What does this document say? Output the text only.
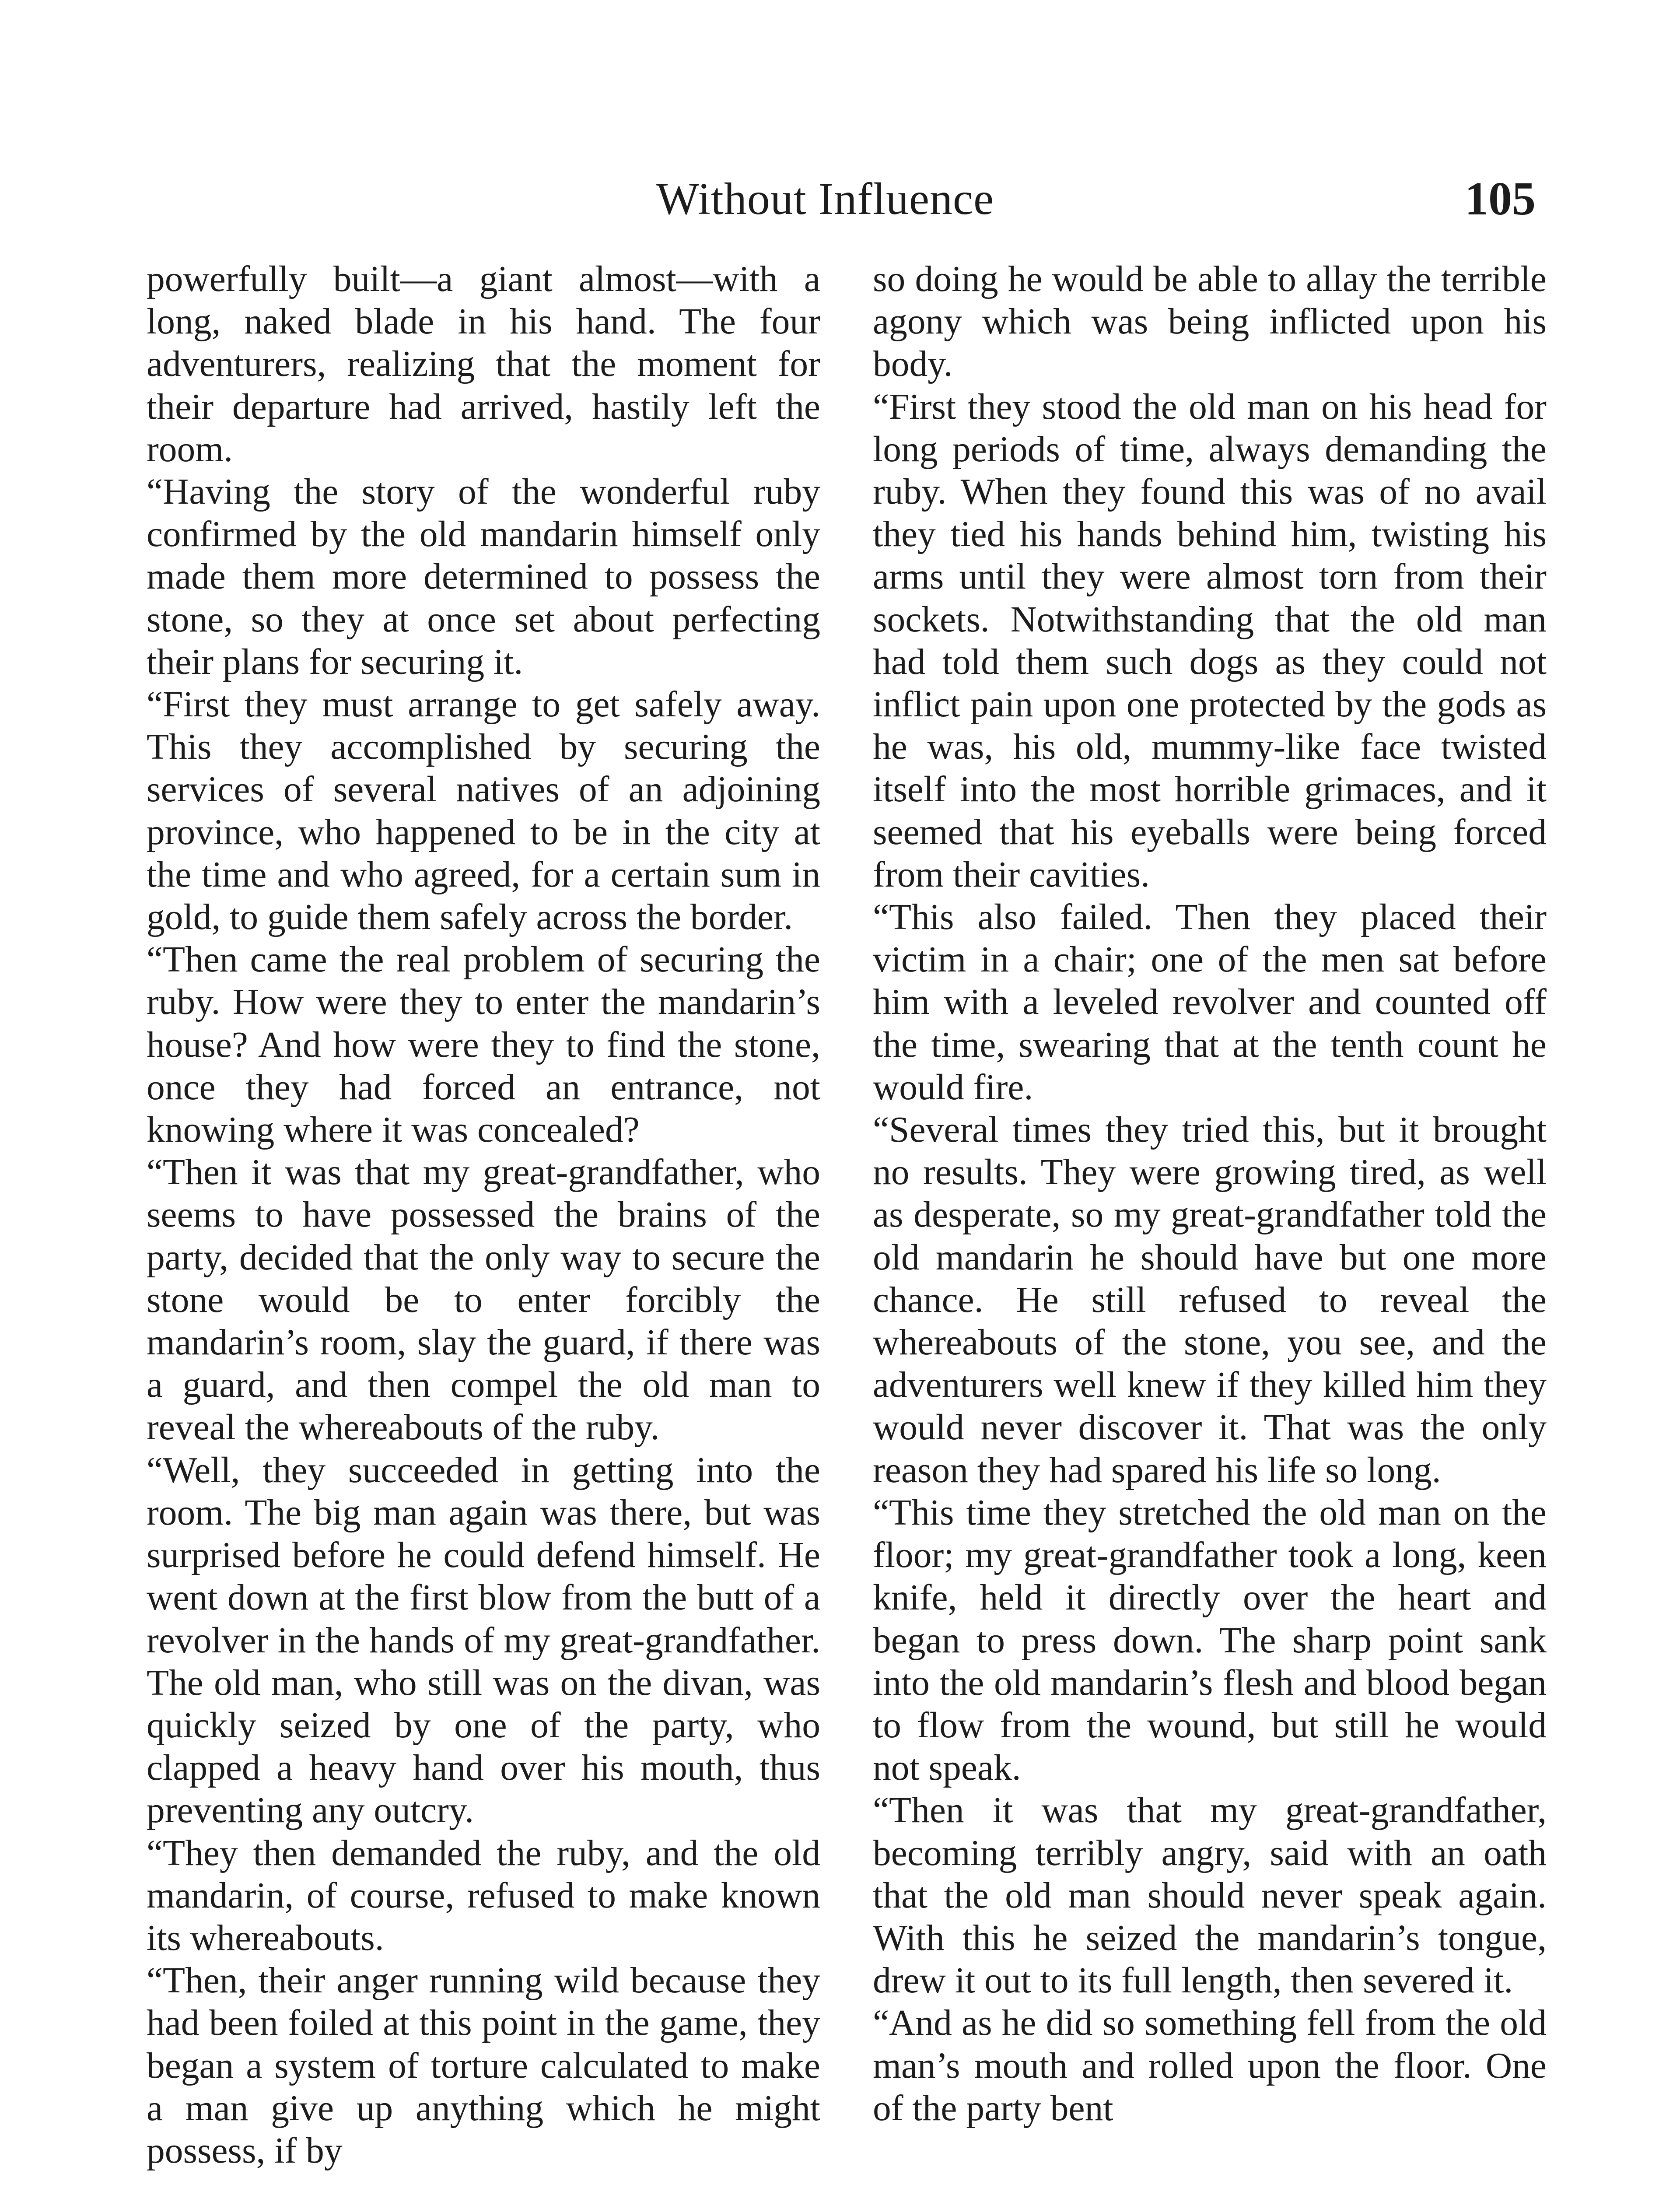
Without Influence	105

powerfully built—a giant almost—with a long, naked blade in his hand. The four adventurers, realizing that the moment for their departure had arrived, hastily left the room.

“Having the story of the wonderful ruby confirmed by the old mandarin himself only made them more determined to possess the stone, so they at once set about perfecting their plans for securing it.

“First they must arrange to get safely away. This they accomplished by securing the services of several natives of an adjoining province, who happened to be in the city at the time and who agreed, for a certain sum in gold, to guide them safely across the border.

“Then came the real problem of securing the ruby. How were they to enter the mandarin’s house? And how were they to find the stone, once they had forced an entrance, not knowing where it was concealed?

“Then it was that my great-grandfather, who seems to have possessed the brains of the party, decided that the only way to secure the stone would be to enter forcibly the mandarin’s room, slay the guard, if there was a guard, and then compel the old man to reveal the whereabouts of the ruby.

“Well, they succeeded in getting into the room. The big man again was there, but was surprised before he could defend himself. He went down at the first blow from the butt of a revolver in the hands of my great-grandfather. The old man, who still was on the divan, was quickly seized by one of the party, who clapped a heavy hand over his mouth, thus preventing any outcry.

“They then demanded the ruby, and the old mandarin, of course, refused to make known its whereabouts.

“Then, their anger running wild because they had been foiled at this point in the game, they began a system of torture calculated to make a man give up anything which he might possess, if by

so doing he would be able to allay the terrible agony which was being inflicted upon his body.

“First they stood the old man on his head for long periods of time, always demanding the ruby. When they found this was of no avail they tied his hands behind him, twisting his arms until they were almost torn from their sockets. Notwithstanding that the old man had told them such dogs as they could not inflict pain upon one protected by the gods as he was, his old, mummy-like face twisted itself into the most horrible grimaces, and it seemed that his eyeballs were being forced from their cavities.

“This also failed. Then they placed their victim in a chair; one of the men sat before him with a leveled revolver and counted off the time, swearing that at the tenth count he would fire.

“Several times they tried this, but it brought no results. They were growing tired, as well as desperate, so my great-grandfather told the old mandarin he should have but one more chance. He still refused to reveal the whereabouts of the stone, you see, and the adventurers well knew if they killed him they would never discover it. That was the only reason they had spared his life so long.

“This time they stretched the old man on the floor; my great-grandfather took a long, keen knife, held it directly over the heart and began to press down. The sharp point sank into the old mandarin’s flesh and blood began to flow from the wound, but still he would not speak.

“Then it was that my great-grandfather, becoming terribly angry, said with an oath that the old man should never speak again. With this he seized the mandarin’s tongue, drew it out to its full length, then severed it.

“And as he did so something fell from the old man’s mouth and rolled upon the floor. One of the party bent
